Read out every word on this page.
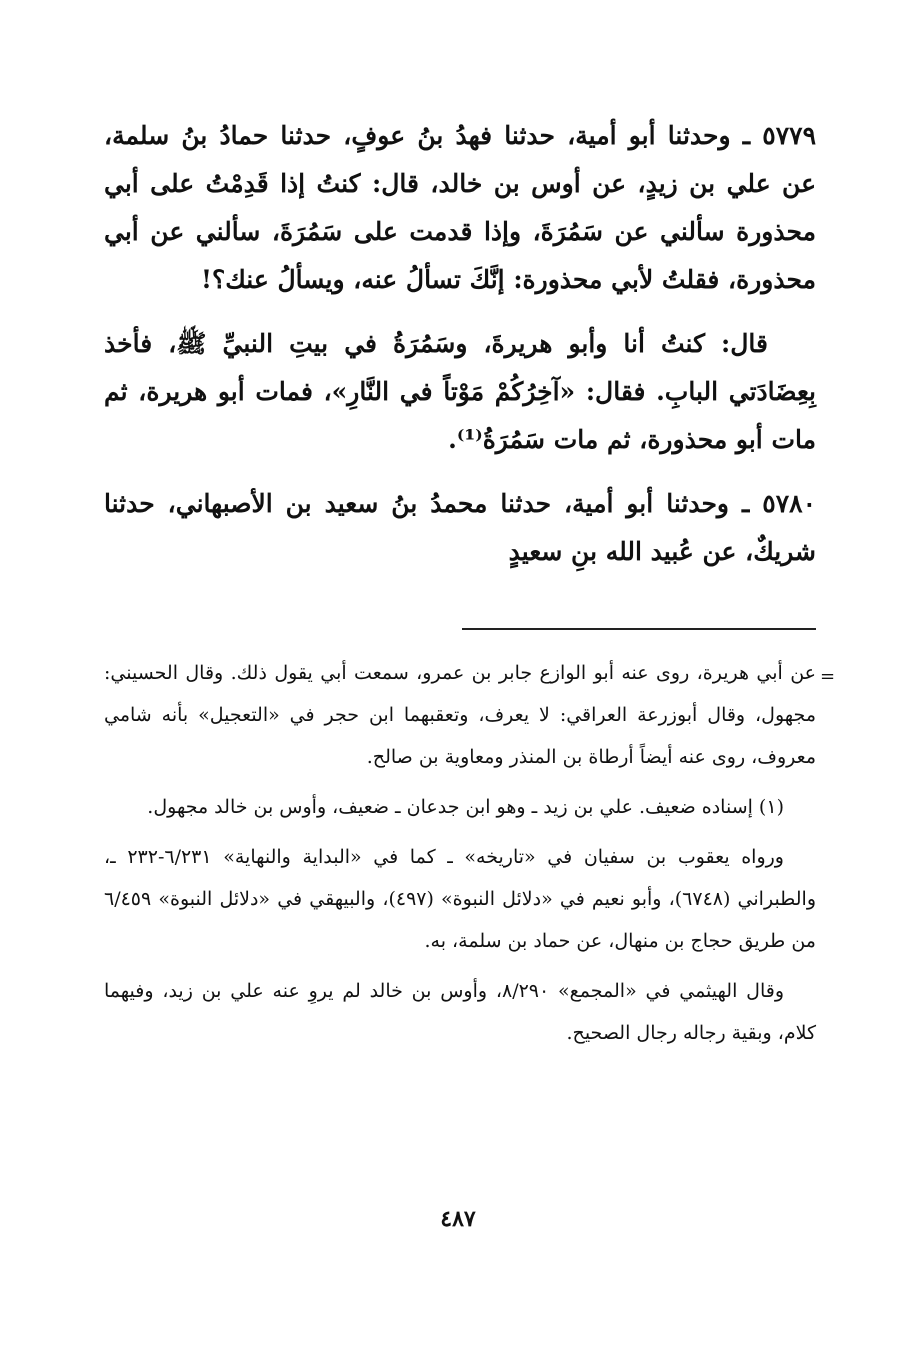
٥٧٧٩ ـ وحدثنا أبو أمية، حدثنا فهدُ بنُ عوفٍ، حدثنا حمادُ بنُ سلمة، عن علي بن زيدٍ، عن أوس بن خالد، قال: كنتُ إذا قَدِمْتُ على أبي محذورة سألني عن سَمُرَةَ، وإذا قدمت على سَمُرَةَ، سألني عن أبي محذورة، فقلتُ لأبي محذورة: إنَّكَ تسألُ عنه، ويسألُ عنك؟!

قال: كنتُ أنا وأبو هريرةَ، وسَمُرَةُ في بيتِ النبيِّ ﷺ، فأخذ بِعِضَادَتي البابِ. فقال: «آخِرُكُمْ مَوْتاً في النَّارِ»، فمات أبو هريرة، ثم مات أبو محذورة، ثم مات سَمُرَةُ⁽¹⁾.

٥٧٨٠ ـ وحدثنا أبو أمية، حدثنا محمدُ بنُ سعيد بن الأصبهاني، حدثنا شريكٌ، عن عُبيد الله بنِ سعيدٍ

=

عن أبي هريرة، روى عنه أبو الوازع جابر بن عمرو، سمعت أبي يقول ذلك. وقال الحسيني: مجهول، وقال أبوزرعة العراقي: لا يعرف، وتعقبهما ابن حجر في «التعجيل» بأنه شامي معروف، روى عنه أيضاً أرطاة بن المنذر ومعاوية بن صالح.

(١) إسناده ضعيف. علي بن زيد ـ وهو ابن جدعان ـ ضعيف، وأوس بن خالد مجهول.

ورواه يعقوب بن سفيان في «تاريخه» ـ كما في «البداية والنهاية» ٦/٢٣١-٢٣٢ ـ، والطبراني (٦٧٤٨)، وأبو نعيم في «دلائل النبوة» (٤٩٧)، والبيهقي في «دلائل النبوة» ٦/٤٥٩ من طريق حجاج بن منهال، عن حماد بن سلمة، به.

وقال الهيثمي في «المجمع» ٨/٢٩٠، وأوس بن خالد لم يروِ عنه علي بن زيد، وفيهما كلام، وبقية رجاله رجال الصحيح.

٤٨٧
